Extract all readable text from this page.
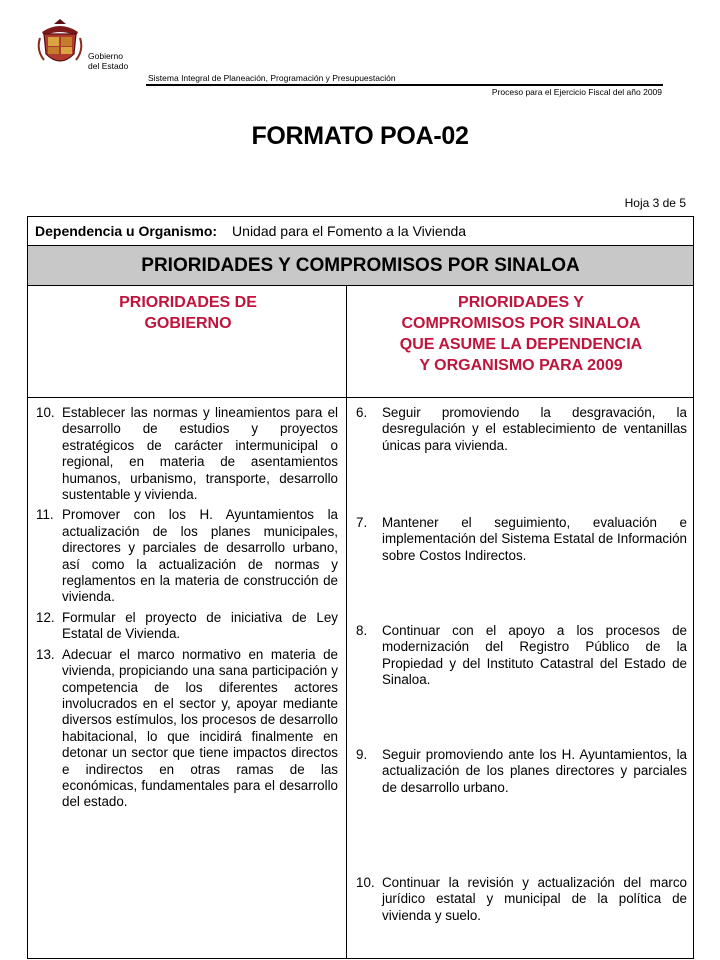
Gobierno
del Estado
Sistema Integral de Planeación, Programación y Presupuestación
Proceso para el Ejercicio Fiscal del año 2009
FORMATO POA-02
Hoja 3 de 5
Dependencia u Organismo: Unidad para el Fomento a la Vivienda
PRIORIDADES Y COMPROMISOS POR SINALOA
PRIORIDADES DE
GOBIERNO
PRIORIDADES Y
COMPROMISOS POR SINALOA
QUE ASUME LA DEPENDENCIA
Y ORGANISMO PARA 2009
10. Establecer las normas y lineamientos para el desarrollo de estudios y proyectos estratégicos de carácter intermunicipal o regional, en materia de asentamientos humanos, urbanismo, transporte, desarrollo sustentable y vivienda.
11. Promover con los H. Ayuntamientos la actualización de los planes municipales, directores y parciales de desarrollo urbano, así como la actualización de normas y reglamentos en la materia de construcción de vivienda.
12. Formular el proyecto de iniciativa de Ley Estatal de Vivienda.
13. Adecuar el marco normativo en materia de vivienda, propiciando una sana participación y competencia de los diferentes actores involucrados en el sector y, apoyar mediante diversos estímulos, los procesos de desarrollo habitacional, lo que incidirá finalmente en detonar un sector que tiene impactos directos e indirectos en otras ramas de las económicas, fundamentales para el desarrollo del estado.
6.	Seguir promoviendo la desgravación, la desregulación y el establecimiento de ventanillas únicas para vivienda.
7.	Mantener el seguimiento, evaluación e implementación del Sistema Estatal de Información sobre Costos Indirectos.
8.	Continuar con el apoyo a los procesos de modernización del Registro Público de la Propiedad y del Instituto Catastral del Estado de Sinaloa.
9.	Seguir promoviendo ante los H. Ayuntamientos, la actualización de los planes directores y parciales de desarrollo urbano.
10. Continuar la revisión y actualización del marco jurídico estatal y municipal de la política de vivienda y suelo.
